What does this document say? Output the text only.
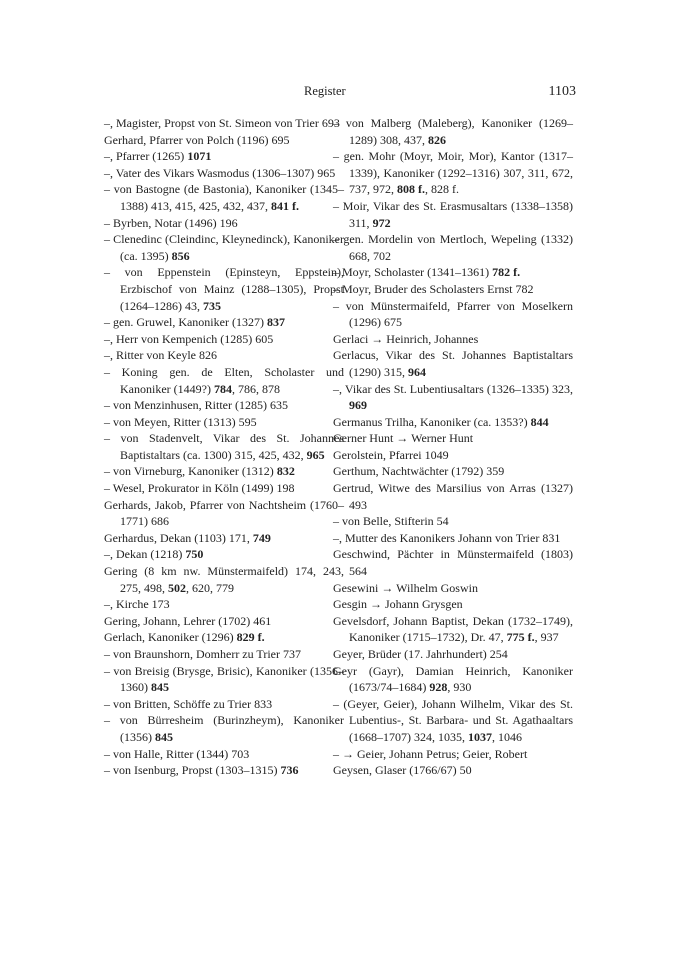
Register	1103
–, Magister, Propst von St. Simeon von Trier 693
Gerhard, Pfarrer von Polch (1196) 695
–, Pfarrer (1265) 1071
–, Vater des Vikars Wasmodus (1306–1307) 965
– von Bastogne (de Bastonia), Kanoniker (1345–1388) 413, 415, 425, 432, 437, 841 f.
– Byrben, Notar (1496) 196
– Clenedinc (Cleindinc, Kleynedinck), Kanoniker (ca. 1395) 856
– von Eppenstein (Epinsteyn, Eppstein), Erzbischof von Mainz (1288–1305), Propst (1264–1286) 43, 735
– gen. Gruwel, Kanoniker (1327) 837
–, Herr von Kempenich (1285) 605
–, Ritter von Keyle 826
– Koning gen. de Elten, Scholaster und Kanoniker (1449?) 784, 786, 878
– von Menzinhusen, Ritter (1285) 635
– von Meyen, Ritter (1313) 595
– von Stadenvelt, Vikar des St. Johannes Baptistaltars (ca. 1300) 315, 425, 432, 965
– von Virneburg, Kanoniker (1312) 832
– Wesel, Prokurator in Köln (1499) 198
Gerhards, Jakob, Pfarrer von Nachtsheim (1760–1771) 686
Gerhardus, Dekan (1103) 171, 749
–, Dekan (1218) 750
Gering (8 km nw. Münstermaifeld) 174, 243, 275, 498, 502, 620, 779
–, Kirche 173
Gering, Johann, Lehrer (1702) 461
Gerlach, Kanoniker (1296) 829 f.
– von Braunshorn, Domherr zu Trier 737
– von Breisig (Brysge, Brisic), Kanoniker (1356–1360) 845
– von Britten, Schöffe zu Trier 833
– von Bürresheim (Burinzheym), Kanoniker (1356) 845
– von Halle, Ritter (1344) 703
– von Isenburg, Propst (1303–1315) 736
– von Malberg (Maleberg), Kanoniker (1269–1289) 308, 437, 826
– gen. Mohr (Moyr, Moir, Mor), Kantor (1317–1339), Kanoniker (1292–1316) 307, 311, 672, 737, 972, 808 f., 828 f.
– Moir, Vikar des St. Erasmusaltars (1338–1358) 311, 972
– gen. Mordelin von Mertloch, Wepeling (1332) 668, 702
– Moyr, Scholaster (1341–1361) 782 f.
– Moyr, Bruder des Scholasters Ernst 782
– von Münstermaifeld, Pfarrer von Moselkern (1296) 675
Gerlaci → Heinrich, Johannes
Gerlacus, Vikar des St. Johannes Baptistaltars (1290) 315, 964
–, Vikar des St. Lubentiusaltars (1326–1335) 323, 969
Germanus Trilha, Kanoniker (ca. 1353?) 844
Gerner Hunt → Werner Hunt
Gerolstein, Pfarrei 1049
Gerthum, Nachtwächter (1792) 359
Gertrud, Witwe des Marsilius von Arras (1327) 493
– von Belle, Stifterin 54
–, Mutter des Kanonikers Johann von Trier 831
Geschwind, Pächter in Münstermaifeld (1803) 564
Gesewini → Wilhelm Goswin
Gesgin → Johann Grysgen
Gevelsdorf, Johann Baptist, Dekan (1732–1749), Kanoniker (1715–1732), Dr. 47, 775 f., 937
Geyer, Brüder (17. Jahrhundert) 254
Geyr (Gayr), Damian Heinrich, Kanoniker (1673/74–1684) 928, 930
– (Geyer, Geier), Johann Wilhelm, Vikar des St. Lubentius-, St. Barbara- und St. Agathaaltars (1668–1707) 324, 1035, 1037, 1046
– → Geier, Johann Petrus; Geier, Robert
Geysen, Glaser (1766/67) 50
